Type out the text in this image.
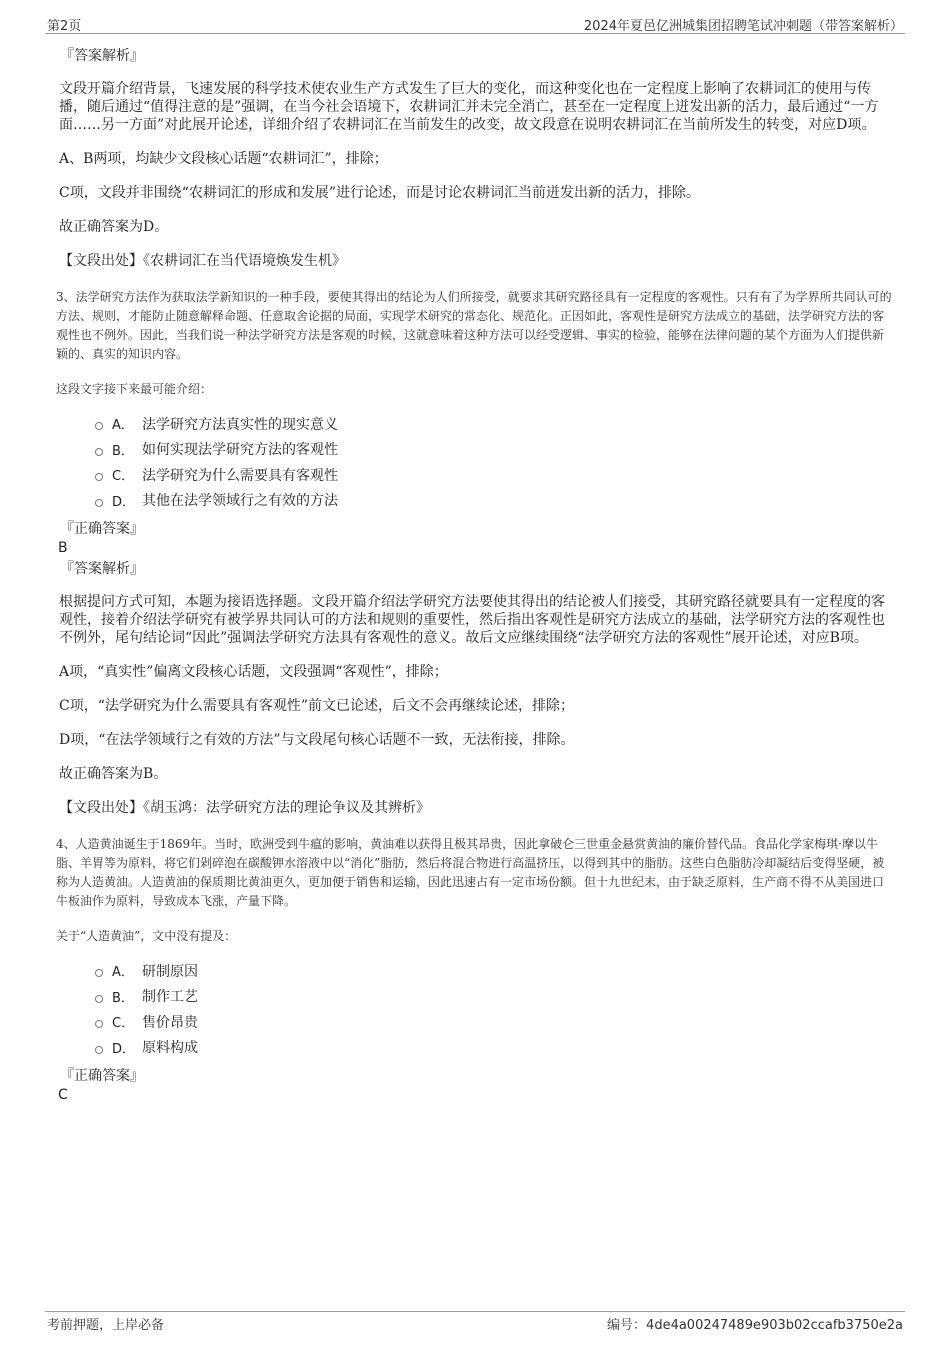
第2页	2024年夏邑亿洲城集团招聘笔试冲刺题（带答案解析）
『答案解析』
文段开篇介绍背景，飞速发展的科学技术使农业生产方式发生了巨大的变化，而这种变化也在一定程度上影响了农耕词汇的使用与传播，随后通过“值得注意的是”强调，在当今社会语境下，农耕词汇并未完全消亡，甚至在一定程度上迸发出新的活力，最后通过“一方面……另一方面”对此展开论述，详细介绍了农耕词汇在当前发生的改变，故文段意在说明农耕词汇在当前所发生的转变，对应D项。
A、B两项，均缺少文段核心话题“农耕词汇”，排除；
C项，文段并非围绕“农耕词汇的形成和发展”进行论述，而是讨论农耕词汇当前迸发出新的活力，排除。
故正确答案为D。
【文段出处】《农耕词汇在当代语境焕发生机》
3、法学研究方法作为获取法学新知识的一种手段，要使其得出的结论为人们所接受，就要求其研究路径具有一定程度的客观性。只有有了为学界所共同认可的方法、规则，才能防止随意解释命题、任意取舍论据的局面，实现学术研究的常态化、规范化。正因如此，客观性是研究方法成立的基础，法学研究方法的客观性也不例外。因此，当我们说一种法学研究方法是客观的时候，这就意味着这种方法可以经受逻辑、事实的检验，能够在法律问题的某个方面为人们提供新颖的、真实的知识内容。
这段文字接下来最可能介绍：
A． 法学研究方法真实性的现实意义
B． 如何实现法学研究方法的客观性
C． 法学研究为什么需要具有客观性
D． 其他在法学领域行之有效的方法
『正确答案』
B
『答案解析』
根据提问方式可知，本题为接语选择题。文段开篇介绍法学研究方法要使其得出的结论被人们接受，其研究路径就要具有一定程度的客观性，接着介绍法学研究有被学界共同认可的方法和规则的重要性，然后指出客观性是研究方法成立的基础，法学研究方法的客观性也不例外，尾句结论词“因此”强调法学研究方法具有客观性的意义。故后文应继续围绕“法学研究方法的客观性”展开论述，对应B项。
A项，“真实性”偏离文段核心话题，文段强调“客观性”，排除；
C项，“法学研究为什么需要具有客观性”前文已论述，后文不会再继续论述，排除；
D项，“在法学领域行之有效的方法”与文段尾句核心话题不一致，无法衔接，排除。
故正确答案为B。
【文段出处】《胡玉鸿：法学研究方法的理论争议及其辨析》
4、人造黄油诞生于1869年。当时，欧洲受到牛瘟的影响，黄油难以获得且极其昂贵，因此拿破仑三世重金悬赏黄油的廉价替代品。食品化学家梅琪·摩以牛脂、羊胃等为原料，将它们剁碎泡在碳酸钾水溶液中以“消化”脂肪，然后将混合物进行高温挤压，以得到其中的脂肪。这些白色脂肪冷却凝结后变得坚硬，被称为人造黄油。人造黄油的保质期比黄油更久，更加便于销售和运输，因此迅速占有一定市场份额。但十九世纪末，由于缺乏原料，生产商不得不从美国进口牛板油作为原料，导致成本飞涨，产量下降。
关于“人造黄油”，文中没有提及：
A． 研制原因
B． 制作工艺
C． 售价昂贵
D． 原料构成
『正确答案』
C
考前押题，上岸必备	编号：4de4a00247489e903b02ccafb3750e2a
